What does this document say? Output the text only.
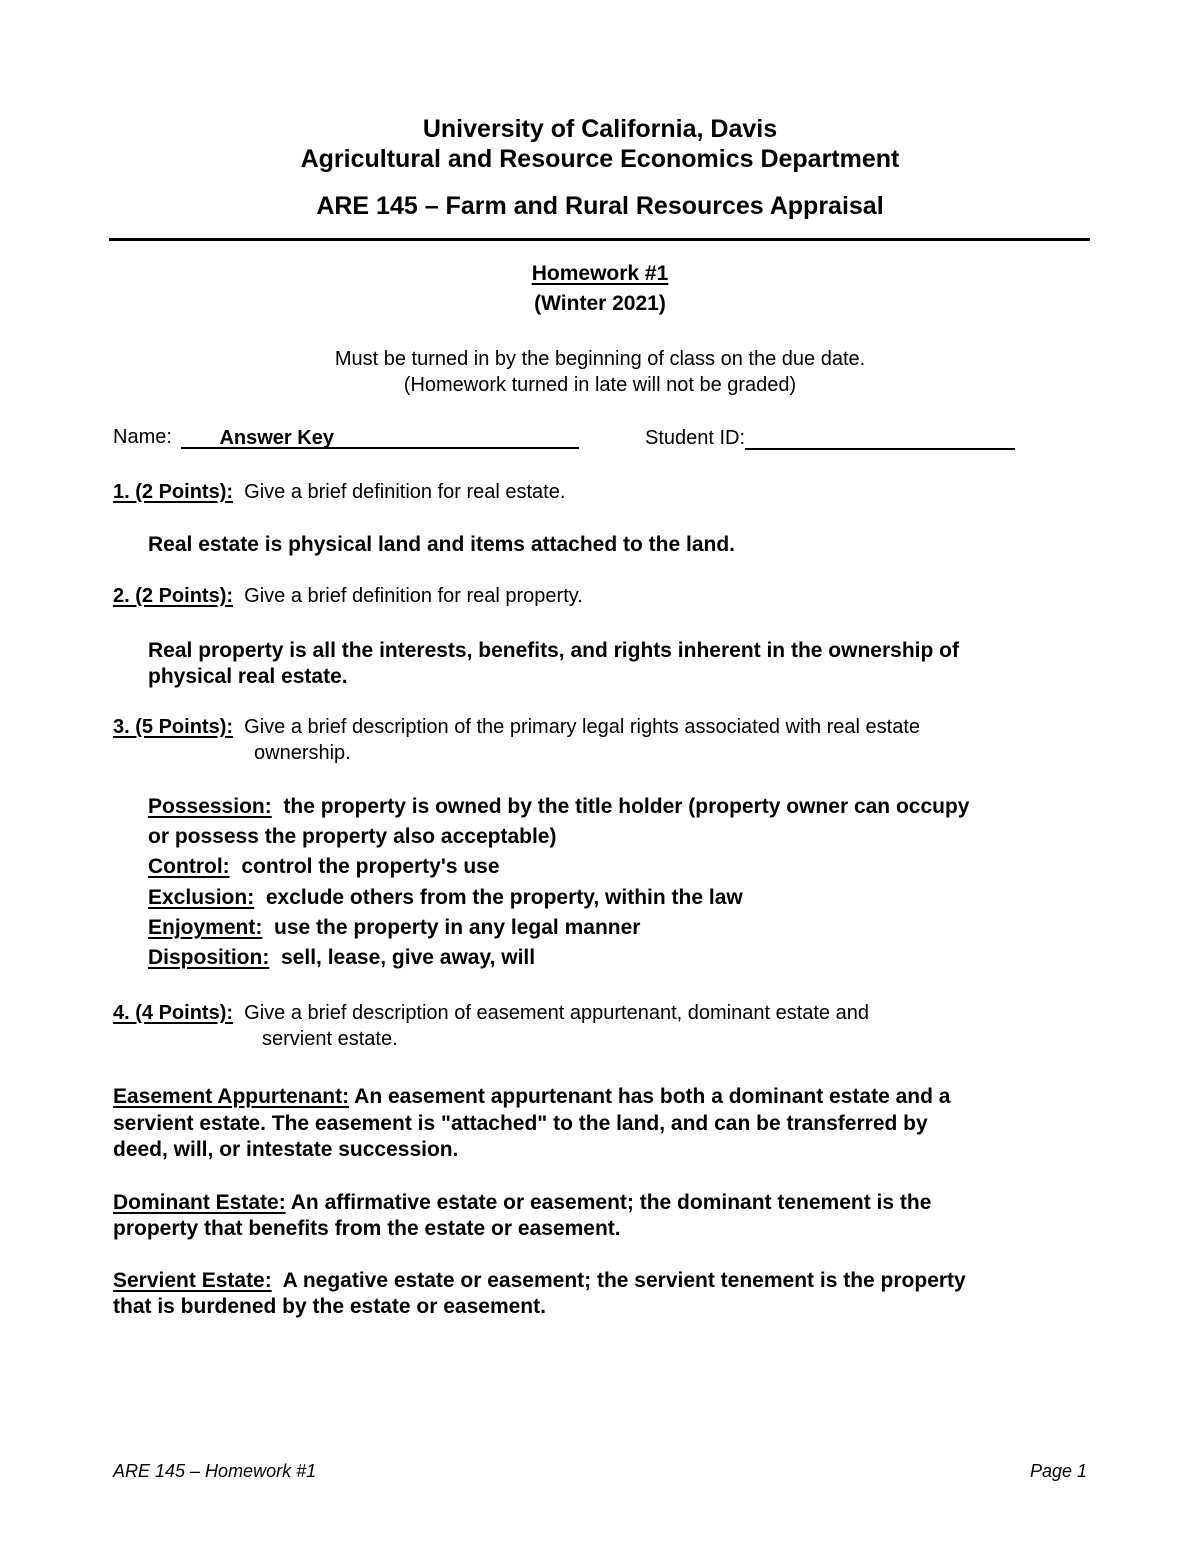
University of California, Davis
Agricultural and Resource Economics Department
ARE 145 – Farm and Rural Resources Appraisal
Homework #1
(Winter 2021)
Must be turned in by the beginning of class on the due date.
(Homework turned in late will not be graded)
Name: Answer Key	Student ID:
1. (2 Points): Give a brief definition for real estate.
Real estate is physical land and items attached to the land.
2. (2 Points): Give a brief definition for real property.
Real property is all the interests, benefits, and rights inherent in the ownership of
physical real estate.
3. (5 Points): Give a brief description of the primary legal rights associated with real estate
ownership.
Possession: the property is owned by the title holder (property owner can occupy
or possess the property also acceptable)
Control: control the property's use
Exclusion: exclude others from the property, within the law
Enjoyment: use the property in any legal manner
Disposition: sell, lease, give away, will
4. (4 Points): Give a brief description of easement appurtenant, dominant estate and
servient estate.
Easement Appurtenant: An easement appurtenant has both a dominant estate and a
servient estate. The easement is "attached" to the land, and can be transferred by
deed, will, or intestate succession.
Dominant Estate: An affirmative estate or easement; the dominant tenement is the
property that benefits from the estate or easement.
Servient Estate: A negative estate or easement; the servient tenement is the property
that is burdened by the estate or easement.
ARE 145 – Homework #1	Page 1
